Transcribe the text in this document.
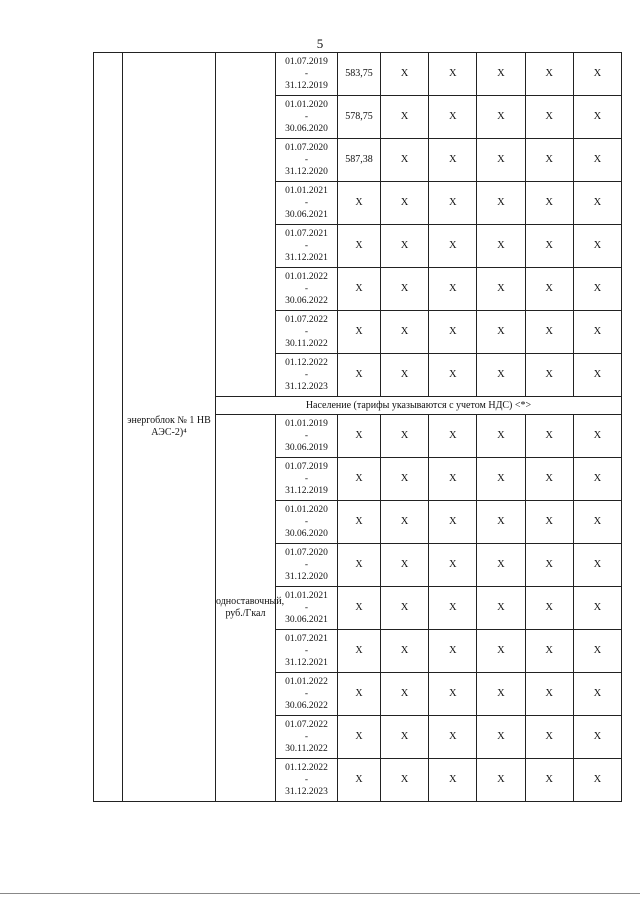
5
	энергоблок № 1 НВ АЭС-2)⁴		01.07.2019
-
31.12.2019	583,75	X	X	X	X	X

			01.01.2020
-
30.06.2020	578,75	X	X	X	X	X

			01.07.2020
-
31.12.2020	587,38	X	X	X	X	X

			01.01.2021
-
30.06.2021	X	X	X	X	X	X

			01.07.2021
-
31.12.2021	X	X	X	X	X	X

			01.01.2022
-
30.06.2022	X	X	X	X	X	X

			01.07.2022
-
30.11.2022	X	X	X	X	X	X

			01.12.2022
-
31.12.2023	X	X	X	X	X	X
		Население (тарифы указываются с учетом НДС) <*>							
		одноставочный, руб./Гкал	01.01.2019
-
30.06.2019	X	X	X	X	X	X

			01.07.2019
-
31.12.2019	X	X	X	X	X	X

			01.01.2020
-
30.06.2020	X	X	X	X	X	X

			01.07.2020
-
31.12.2020	X	X	X	X	X	X

			01.01.2021
-
30.06.2021	X	X	X	X	X	X

			01.07.2021
-
31.12.2021	X	X	X	X	X	X

			01.01.2022
-
30.06.2022	X	X	X	X	X	X

			01.07.2022
-
30.11.2022	X	X	X	X	X	X

			01.12.2022
-
31.12.2023	X	X	X	X	X	X
